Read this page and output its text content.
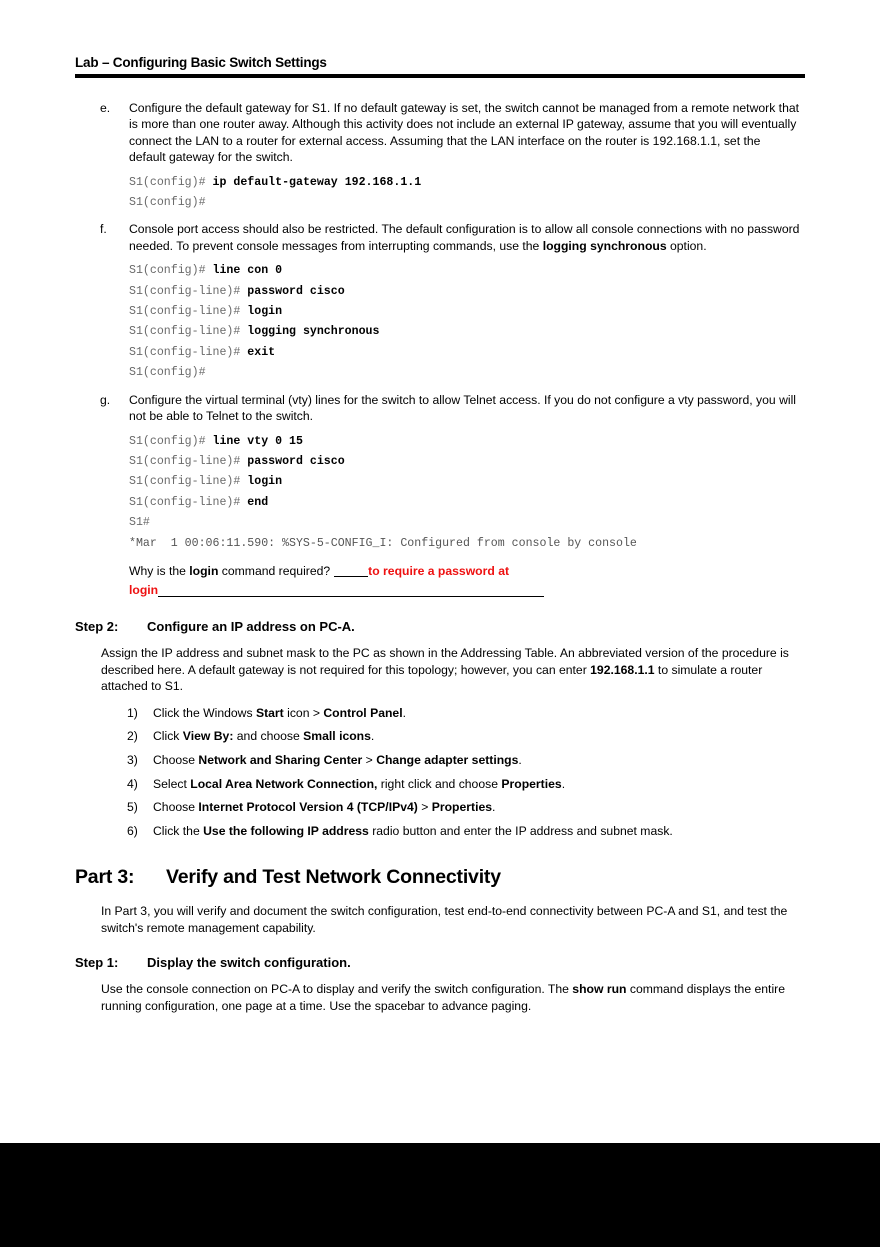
Lab – Configuring Basic Switch Settings
e.	Configure the default gateway for S1. If no default gateway is set, the switch cannot be managed from a remote network that is more than one router away. Although this activity does not include an external IP gateway, assume that you will eventually connect the LAN to a router for external access. Assuming that the LAN interface on the router is 192.168.1.1, set the default gateway for the switch.
S1(config)# ip default-gateway 192.168.1.1
S1(config)#
f.	Console port access should also be restricted. The default configuration is to allow all console connections with no password needed. To prevent console messages from interrupting commands, use the logging synchronous option.
S1(config)# line con 0
S1(config-line)# password cisco
S1(config-line)# login
S1(config-line)# logging synchronous
S1(config-line)# exit
S1(config)#
g.	Configure the virtual terminal (vty) lines for the switch to allow Telnet access. If you do not configure a vty password, you will not be able to Telnet to the switch.
S1(config)# line vty 0 15
S1(config-line)# password cisco
S1(config-line)# login
S1(config-line)# end
S1#
*Mar  1 00:06:11.590: %SYS-5-CONFIG_I: Configured from console by console
Why is the login command required?	to require a password at
login
Step 2: Configure an IP address on PC-A.
Assign the IP address and subnet mask to the PC as shown in the Addressing Table. An abbreviated version of the procedure is described here. A default gateway is not required for this topology; however, you can enter 192.168.1.1 to simulate a router attached to S1.
1)	Click the Windows Start icon > Control Panel.
2)	Click View By: and choose Small icons.
3)	Choose Network and Sharing Center > Change adapter settings.
4)	Select Local Area Network Connection, right click and choose Properties.
5)	Choose Internet Protocol Version 4 (TCP/IPv4) > Properties.
6)	Click the Use the following IP address radio button and enter the IP address and subnet mask.
Part 3: Verify and Test Network Connectivity
In Part 3, you will verify and document the switch configuration, test end-to-end connectivity between PC-A and S1, and test the switch's remote management capability.
Step 1: Display the switch configuration.
Use the console connection on PC-A to display and verify the switch configuration. The show run command displays the entire running configuration, one page at a time. Use the spacebar to advance paging.
